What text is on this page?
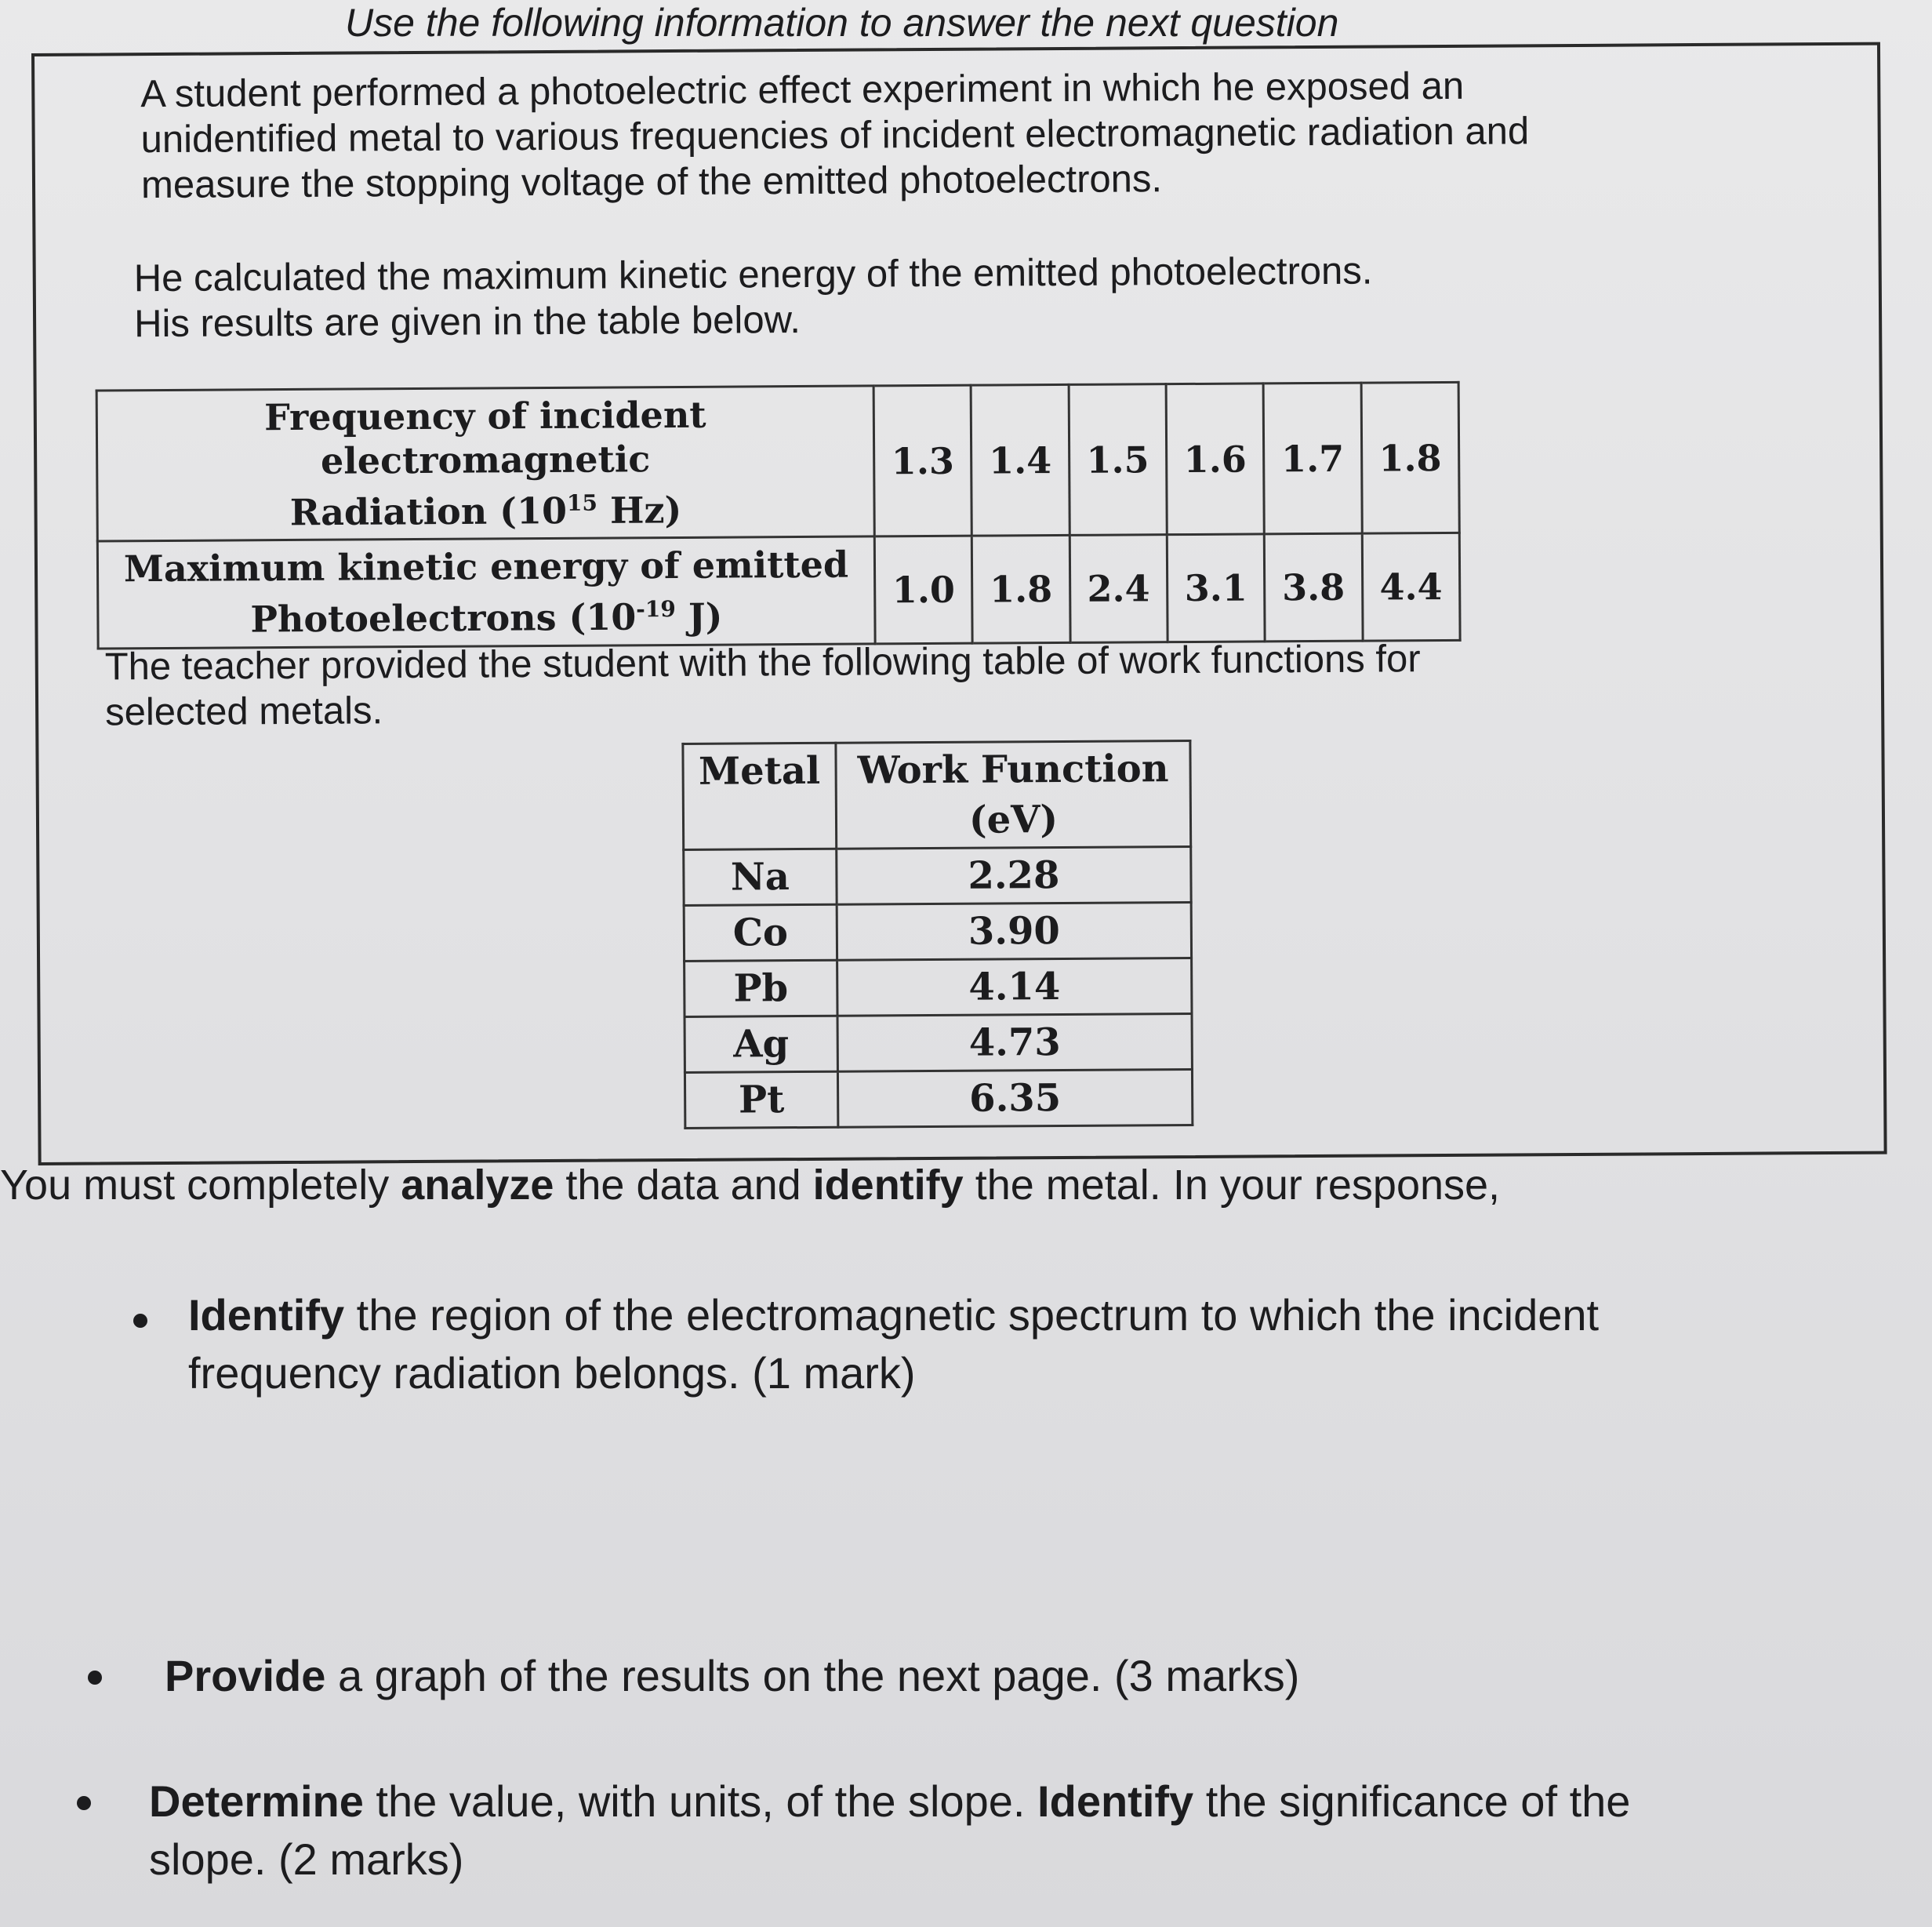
Use the following information to answer the next question
A student performed a photoelectric effect experiment in which he exposed an
unidentified metal to various frequencies of incident electromagnetic radiation and
measure the stopping voltage of the emitted photoelectrons.
He calculated the maximum kinetic energy of the emitted photoelectrons.
His results are given in the table below.
Frequency of incident electromagnetic
Radiation ($10^{15}$ Hz)	1.3	1.4	1.5	1.6	1.7	1.8
Maximum kinetic energy of emitted
Photoelectrons ($10^{-19}$ J)	1.0	1.8	2.4	3.1	3.8	4.4
The teacher provided the student with the following table of work functions for
selected metals.
Metal	Work Function
(eV)
Na	2.28
Co	3.90
Pb	4.14
Ag	4.73
Pt	6.35
You must completely analyze the data and identify the metal. In your response,
Identify the region of the electromagnetic spectrum to which the incident
frequency radiation belongs. (1 mark)
Provide a graph of the results on the next page. (3 marks)
Determine the value, with units, of the slope. Identify the significance of the
slope. (2 marks)
